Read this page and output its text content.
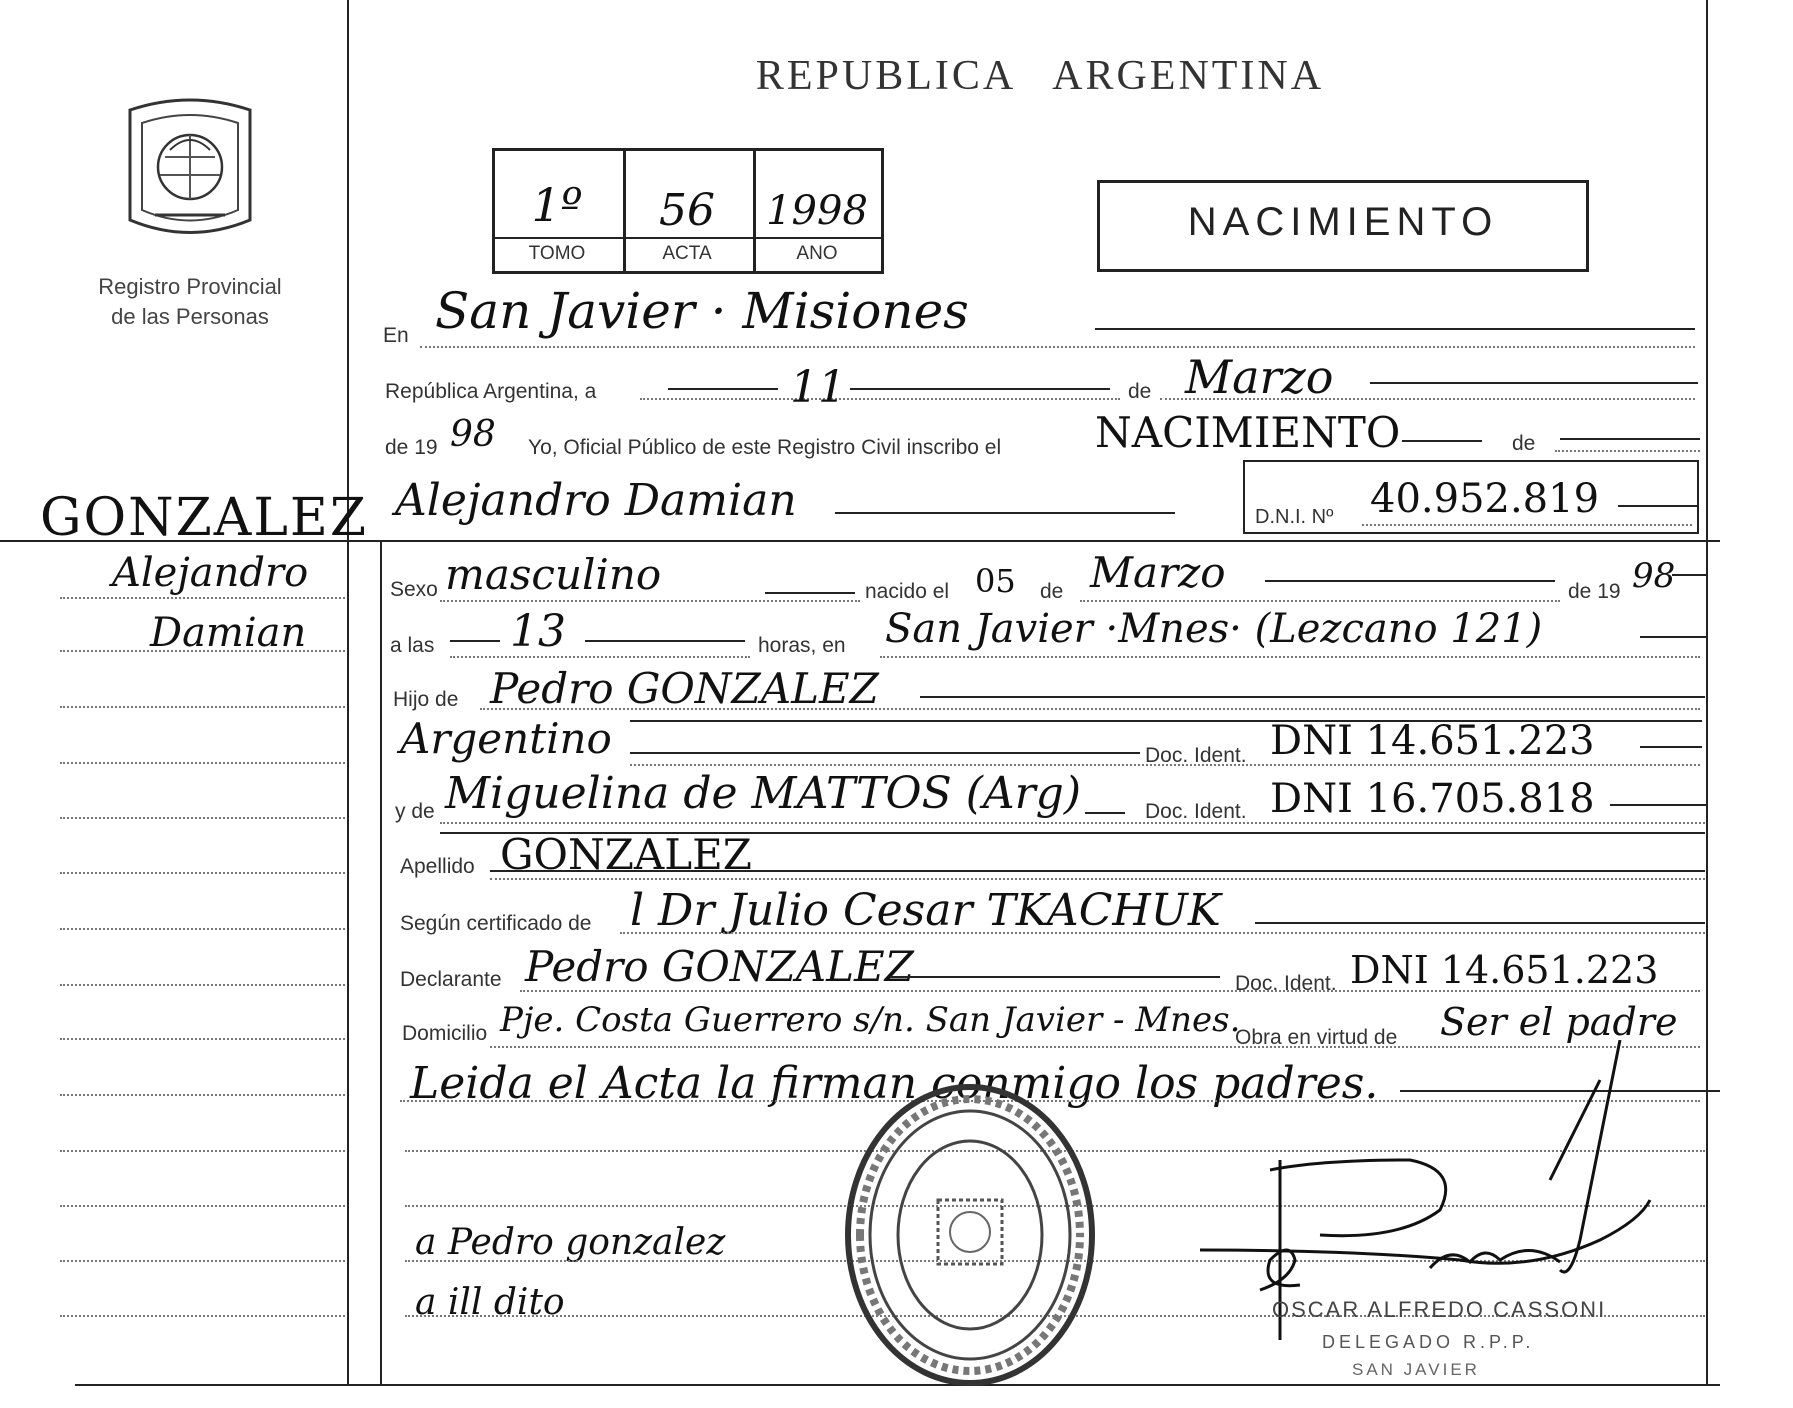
Registro Provincial
de las Personas
REPUBLICA   ARGENTINA
1º	56	1998
TOMO	ACTA	ANO
NACIMIENTO
GONZALEZ
Alejandro
Damian
a Pedro gonzalez
a ill dito
En San Javier · Misiones
República Argentina, a	11	de Marzo
de 19 98 Yo, Oficial Público de este Registro Civil inscribo el NACIMIENTO	de
Alejandro Damian	D.N.I. Nº 40.952.819
Sexo masculino	nacido el 05 de Marzo	de 19 98
a las 13	horas, en San Javier ·Mnes· (Lezcano 121)
Hijo de Pedro GONZALEZ
Argentino	Doc. Ident. DNI 14.651.223
y de Miguelina de MATTOS (Arg)	Doc. Ident. DNI 16.705.818
Apellido GONZALEZ
Según certificado de l Dr Julio Cesar TKACHUK
Declarante Pedro GONZALEZ	Doc. Ident. DNI 14.651.223
Domicilio Pje. Costa Guerrero s/n. San Javier - Mnes.
Obra en virtud de Ser el padre
Leida el Acta la firman conmigo los padres.
OSCAR ALFREDO CASSONI
DELEGADO R.P.P.
SAN JAVIER
